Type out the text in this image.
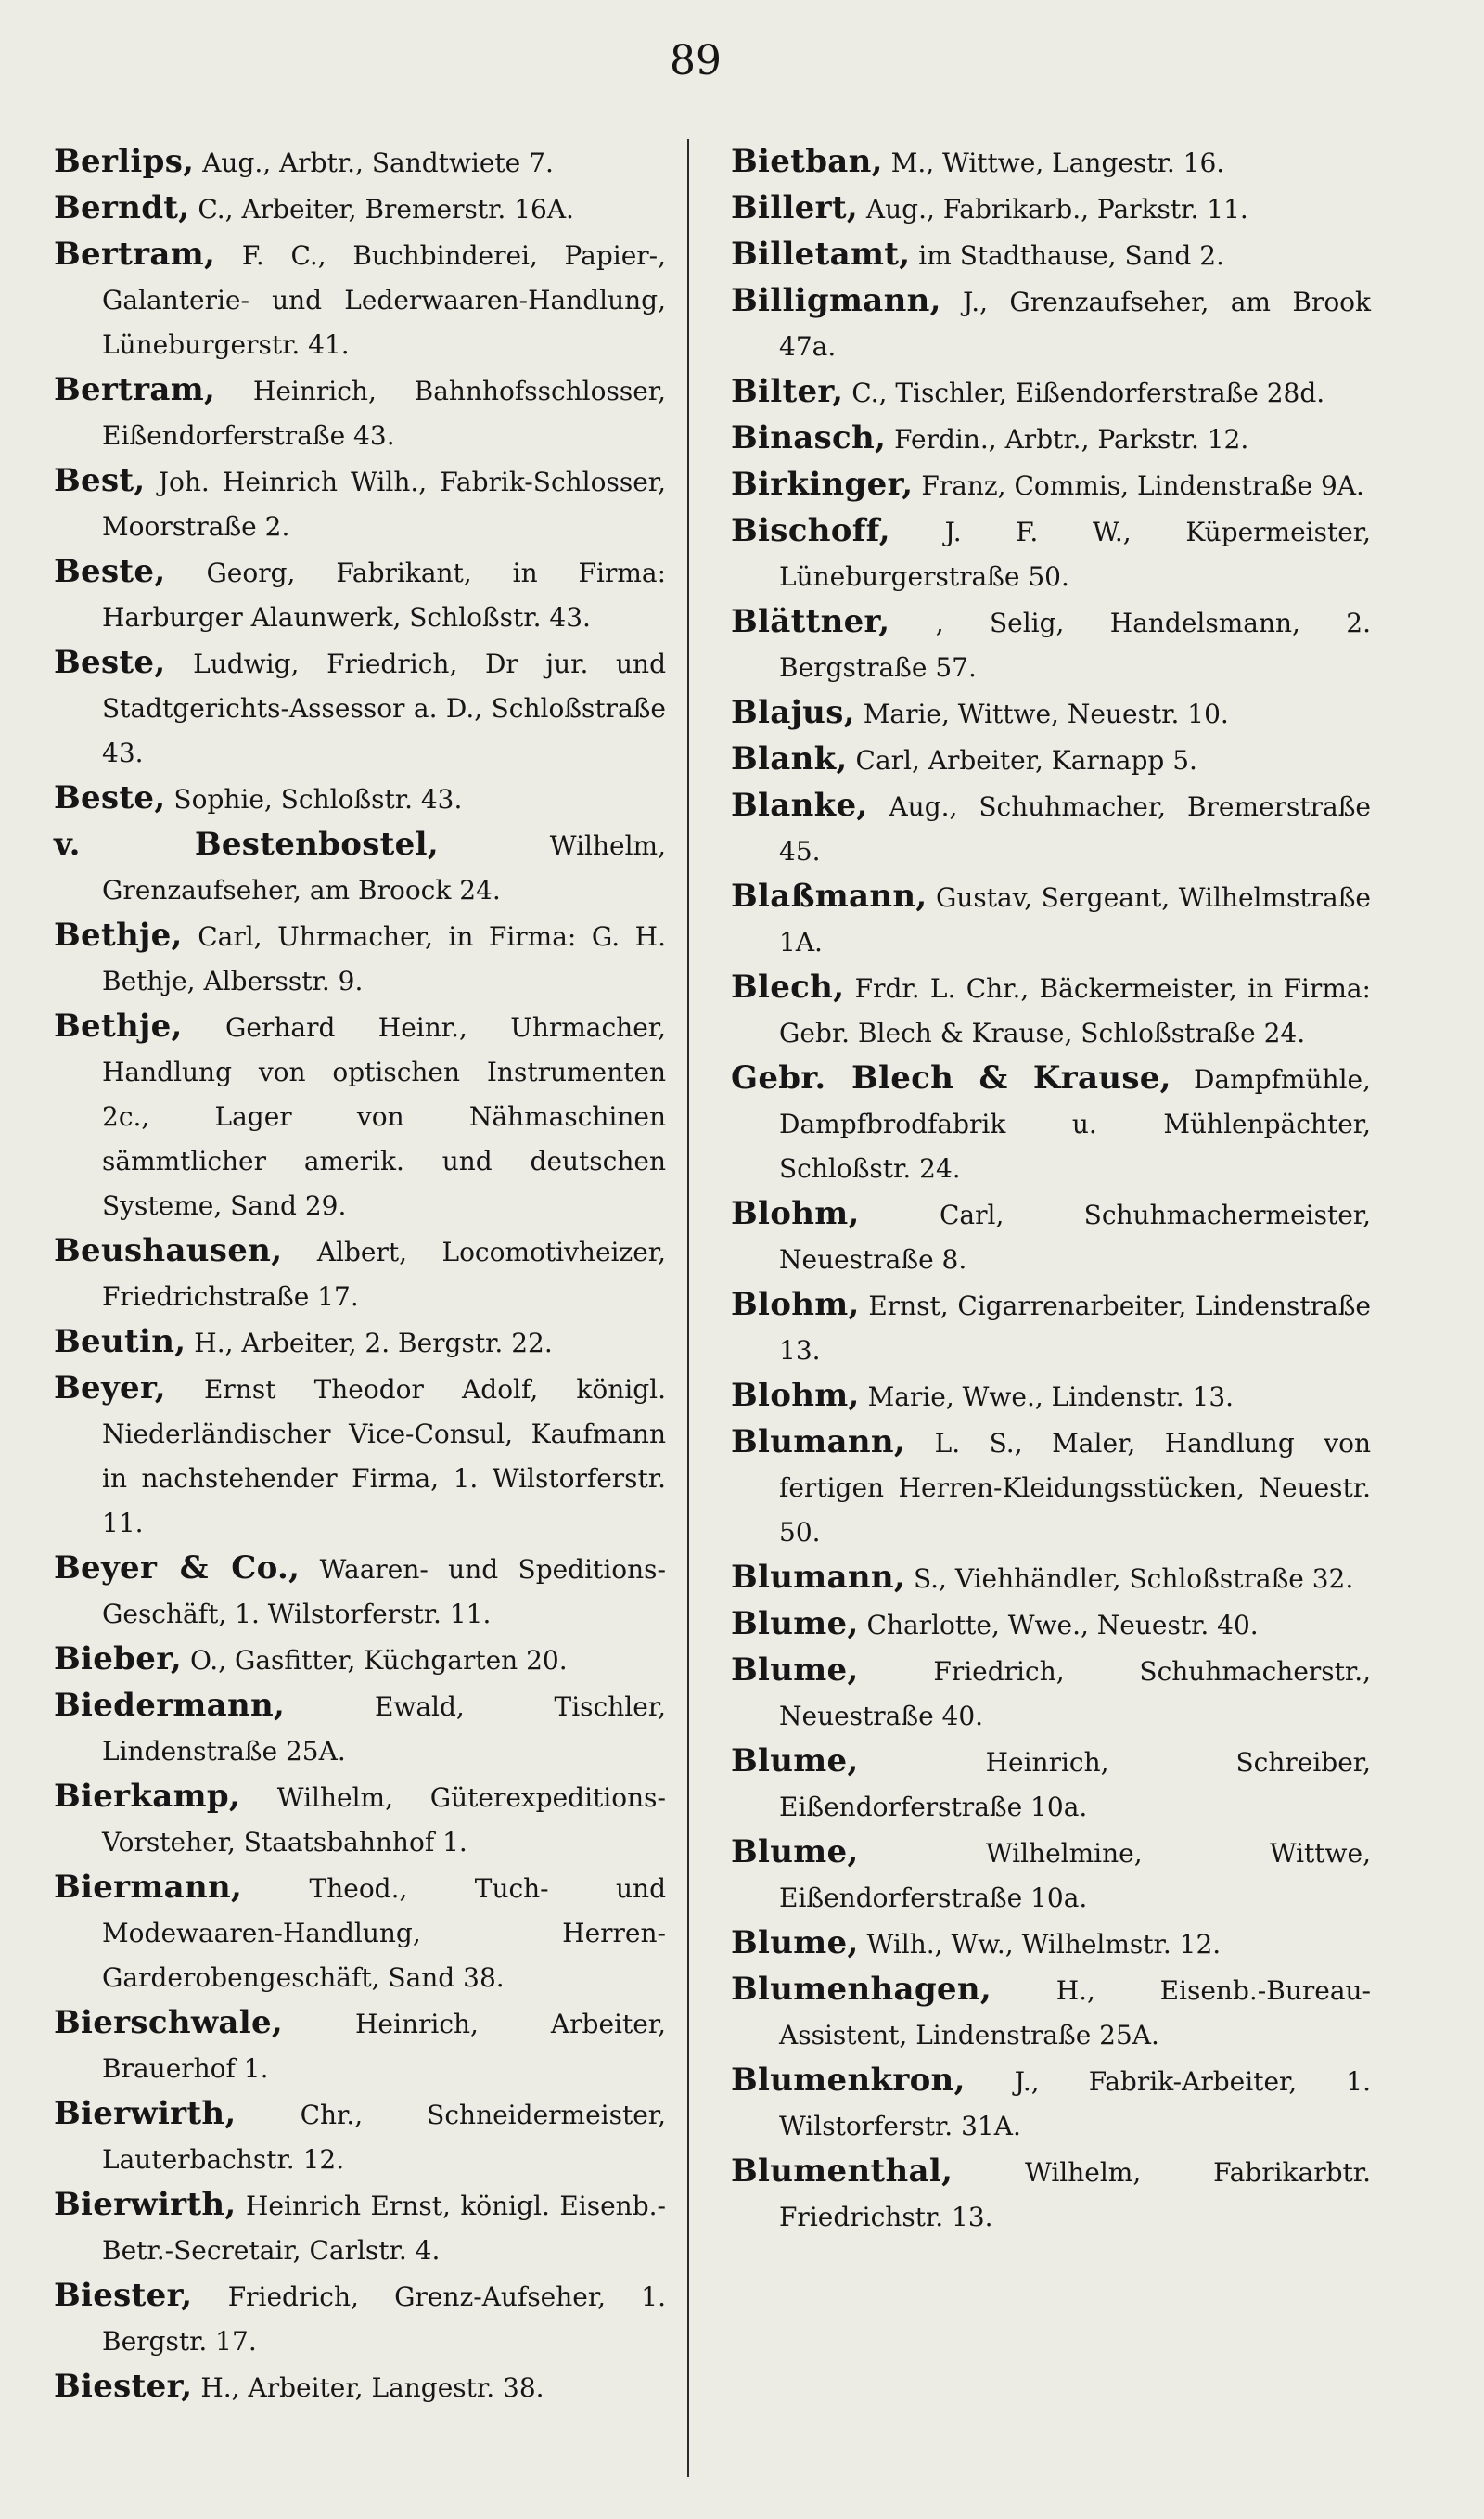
89
Berlips, Aug., Arbtr., Sandtwiete 7.
Berndt, C., Arbeiter, Bremerstr. 16A.
Bertram, F. C., Buchbinderei, Papier-, Galanterie- und Lederwaaren-Handlung, Lüneburgerstr. 41.
Bertram, Heinrich, Bahnhofsschlosser, Eißendorferstraße 43.
Best, Joh. Heinrich Wilh., Fabrik-Schlosser, Moorstraße 2.
Beste, Georg, Fabrikant, in Firma: Harburger Alaunwerk, Schloßstr. 43.
Beste, Ludwig, Friedrich, Dr jur. und Stadtgerichts-Assessor a. D., Schloßstraße 43.
Beste, Sophie, Schloßstr. 43.
v. Bestenbostel,	Wilhelm, Grenzaufseher, am Broock 24.
Bethje, Carl, Uhrmacher, in Firma: G. H. Bethje, Albersstr. 9.
Bethje, Gerhard Heinr., Uhrmacher, Handlung von optischen Instrumenten 2c., Lager von Nähmaschinen sämmtlicher amerik. und deutschen Systeme, Sand 29.
Beushausen, Albert, Locomotivheizer, Friedrichstraße 17.
Beutin, H., Arbeiter, 2. Bergstr. 22.
Beyer, Ernst Theodor Adolf, königl. Niederländischer Vice-Consul, Kaufmann in nachstehender Firma, 1. Wilstorferstr. 11.
Beyer & Co., Waaren- und Speditions-Geschäft, 1. Wilstorferstr. 11.
Bieber, O., Gasfitter, Küchgarten 20.
Biedermann,	Ewald, Tischler, Lindenstraße 25A.
Bierkamp, Wilhelm, Güterexpeditions-Vorsteher, Staatsbahnhof 1.
Biermann,	Theod., Tuch- und Modewaaren-Handlung, Herren-Garderobengeschäft, Sand 38.
Bierschwale,	Heinrich, Arbeiter, Brauerhof 1.
Bierwirth, Chr., Schneidermeister, Lauterbachstr. 12.
Bierwirth, Heinrich Ernst, königl. Eisenb.-Betr.-Secretair, Carlstr. 4.
Biester, Friedrich, Grenz-Aufseher, 1. Bergstr. 17.
Biester, H., Arbeiter, Langestr. 38.
Bietban, M., Wittwe, Langestr. 16.
Billert, Aug., Fabrikarb., Parkstr. 11.
Billetamt, im Stadthause, Sand 2.
Billigmann, J., Grenzaufseher, am Brook 47a.
Bilter, C., Tischler, Eißendorferstraße 28d.
Binasch, Ferdin., Arbtr., Parkstr. 12.
Birkinger, Franz, Commis, Lindenstraße 9A.
Bischoff, J. F. W., Küpermeister, Lüneburgerstraße 50.
Blättner, , Selig, Handelsmann, 2. Bergstraße 57.
Blajus, Marie, Wittwe, Neuestr. 10.
Blank, Carl, Arbeiter, Karnapp 5.
Blanke, Aug., Schuhmacher, Bremerstraße 45.
Blaßmann, Gustav, Sergeant, Wilhelmstraße 1A.
Blech, Frdr. L. Chr., Bäckermeister, in Firma: Gebr. Blech & Krause, Schloßstraße 24.
Gebr. Blech & Krause, Dampfmühle, Dampfbrodfabrik u. Mühlenpächter, Schloßstr. 24.
Blohm,	Carl, Schuhmachermeister, Neuestraße 8.
Blohm, Ernst, Cigarrenarbeiter, Lindenstraße 13.
Blohm, Marie, Wwe., Lindenstr. 13.
Blumann, L. S., Maler, Handlung von fertigen Herren-Kleidungsstücken, Neuestr. 50.
Blumann, S., Viehhändler, Schloßstraße 32.
Blume, Charlotte, Wwe., Neuestr. 40.
Blume,	Friedrich, Schuhmacherstr., Neuestraße 40.
Blume,	Heinrich, Schreiber, Eißendorferstraße 10a.
Blume,	Wilhelmine, Wittwe, Eißendorferstraße 10a.
Blume, Wilh., Ww., Wilhelmstr. 12.
Blumenhagen, H., Eisenb.-Bureau-Assistent, Lindenstraße 25A.
Blumenkron, J., Fabrik-Arbeiter, 1. Wilstorferstr. 31A.
Blumenthal,	Wilhelm, Fabrikarbtr. Friedrichstr. 13.
